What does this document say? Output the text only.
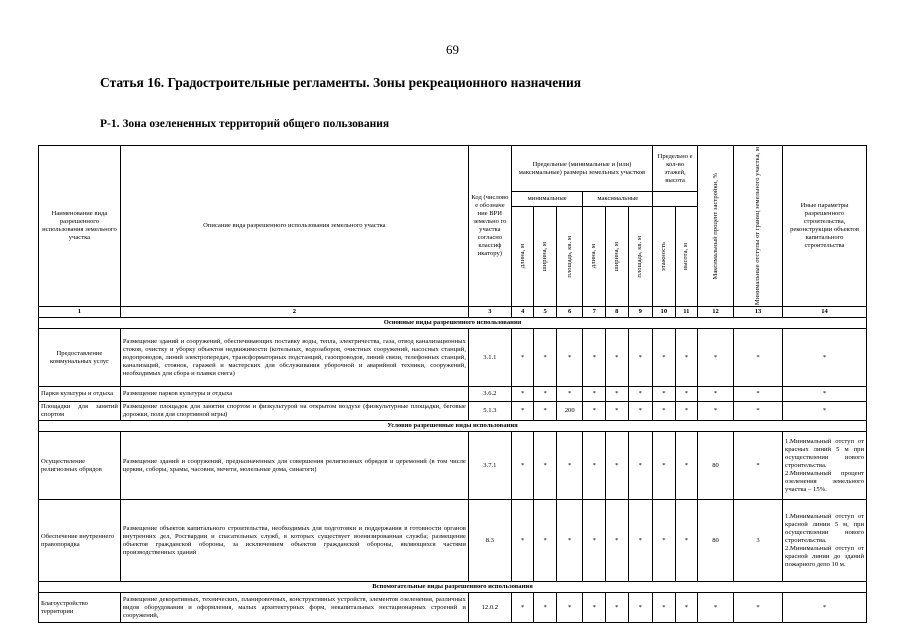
69
Статья 16. Градостроительные регламенты. Зоны рекреационного назначения
Р-1. Зона озелененных территорий общего пользования
Наименование вида разрешенного использования земельного участка	Описание вида разрешенного использования земельного участка	Код (числово е обозначе ние ВРИ земельно го участка согласно классиф икатору)	Предельные (минимальные и (или) максимальные) размеры земельных участков						Предельно е кол-во этажей, высота		Максимальный процент застройки, %	Минимальные отступы от границ земельного участка, м	Иные параметры разрешенного строительства, реконструкции объектов капитального строительства
			минимальные			максимальные							

			длина, м	ширина, м	площадь, кв. м	длина, м	ширина, м	площадь, кв. м	этажность	высота, м			

1	2	3	4	5	6	7	8	9	10	11	12	13	14
Основные виды разрешенного использования													
Предоставление коммунальных услуг	Размещение зданий и сооружений, обеспечивающих поставку воды, тепла, электричества, газа, отвод канализационных стоков, очистку и уборку объектов недвижимости (котельных, водозаборов, очистных сооружений, насосных станций, водопроводов, линий электропередач, трансформаторных подстанций, газопроводов, линий связи, телефонных станций, канализаций, стоянок, гаражей и мастерских для обслуживания уборочной и аварийной техники, сооружений, необходимых для сбора и плавки снега)	3.1.1	*	*	*	*	*	*	*	*	*	*	*
Парки культуры и отдыха	Размещение парков культуры и отдыха	3.6.2	*	*	*	*	*	*	*	*	*	*	*
Площадки для занятий спортом	Размещение площадок для занятия спортом и физкультурой на открытом воздухе (физкультурные площадки, беговые дорожки, поля для спортивной игры)	5.1.3	*	*	200	*	*	*	*	*	*	*	*
Условно разрешенные виды использования													
Осуществление религиозных обрядов	Размещение зданий и сооружений, предназначенных для совершения религиозных обрядов и церемоний (в том числе церкви, соборы, храмы, часовни, мечети, молельные дома, синагоги)	3.7.1	*	*	*	*	*	*	*	*	80	*	1.Минимальный отступ от красных линий 5 м при осуществлении нового строительства. 2.Минимальный процент озеленения земельного участка – 15%.
Обеспечение внутреннего правопорядка	Размещение объектов капитального строительства, необходимых для подготовки и поддержания в готовности органов внутренних дел, Росгвардии и спасательных служб, в которых существует военизированная служба; размещение объектов гражданской обороны, за исключением объектов гражданской обороны, являющихся частями производственных зданий	8.3	*	*	*	*	*	*	*	*	80	3	1.Минимальный отступ от красной линии 5 м, при осуществлении нового строительства. 2.Минимальный отступ от красной линии до зданий пожарного депо 10 м.
Вспомогательные виды разрешенного использования													
Благоустройство территории	Размещение декоративных, технических, планировочных, конструктивных устройств, элементов озеленения, различных видов оборудования и оформления, малых архитектурных форм, некапитальных нестационарных строений и сооружений,	12.0.2	*	*	*	*	*	*	*	*	*	*	*
